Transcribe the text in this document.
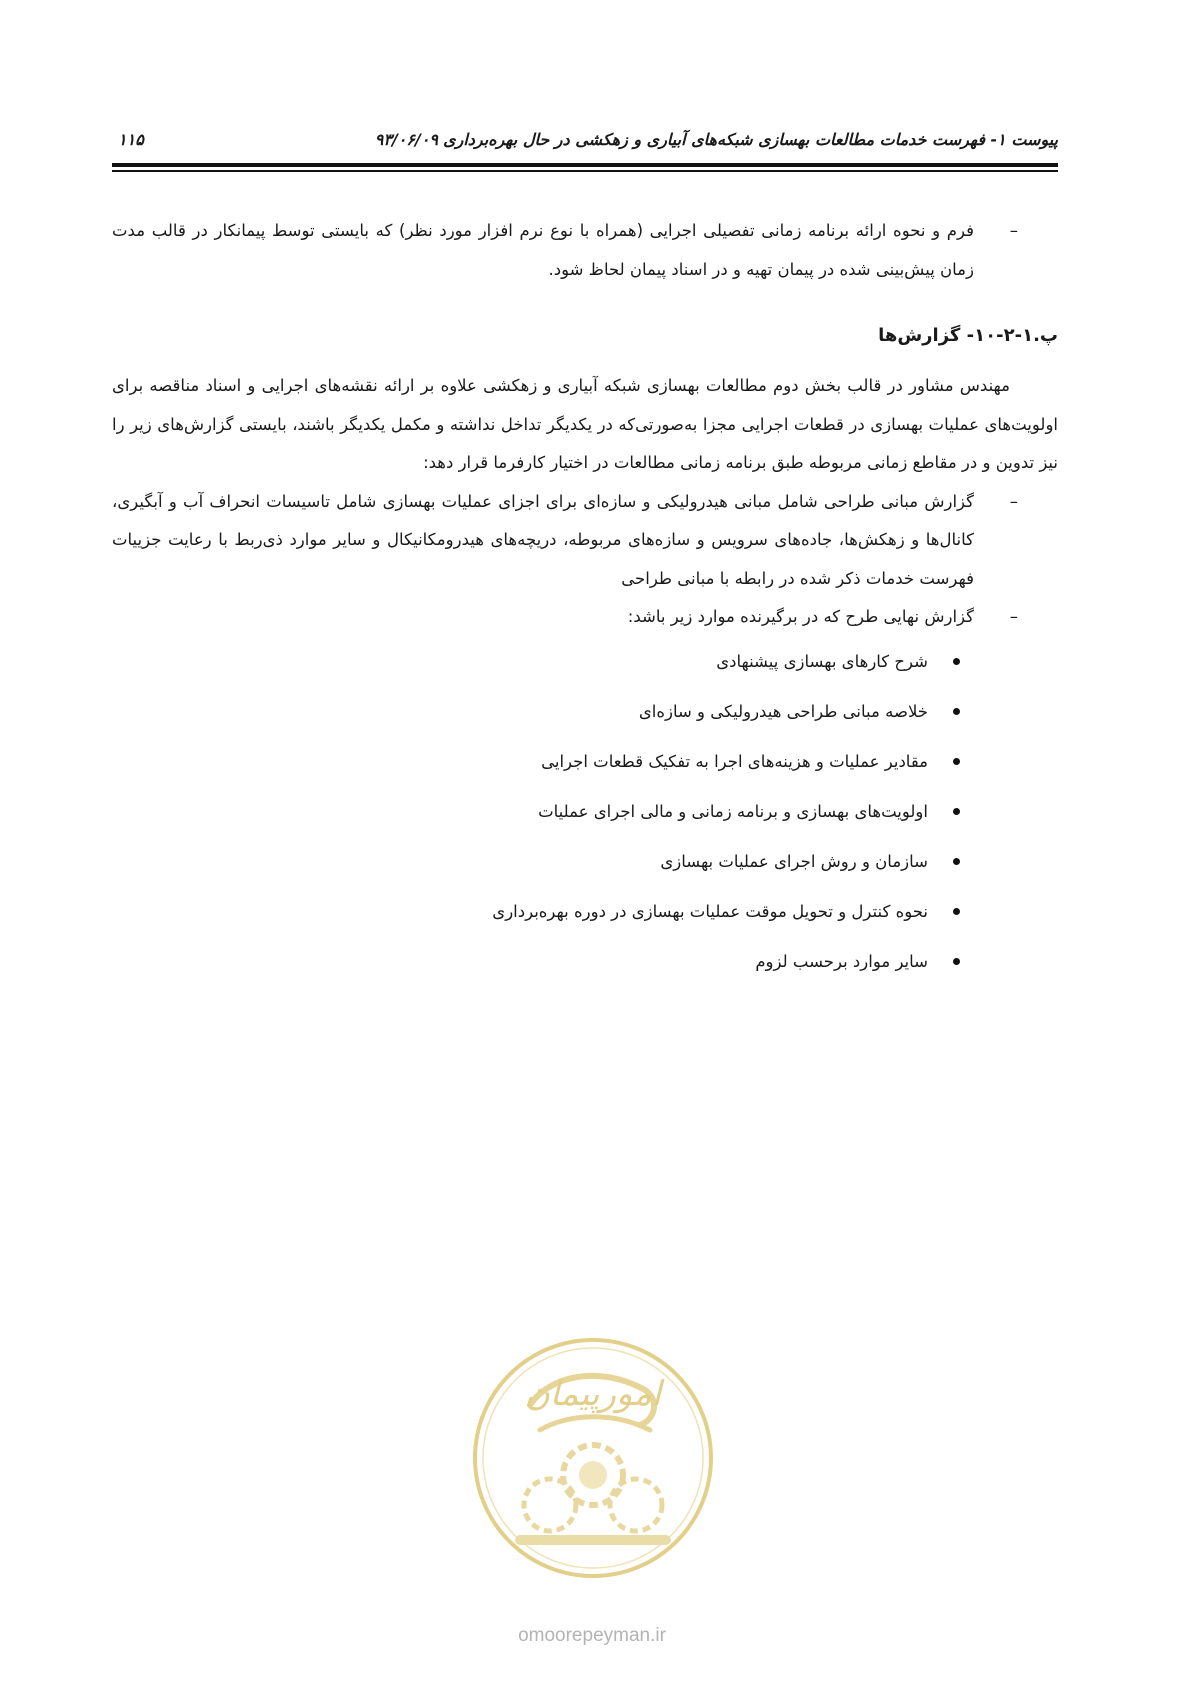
پیوست ۱- فهرست خدمات مطالعات بهسازی شبکه‌های آبیاری و زهکشی در حال بهره‌برداری
۹۳/۰۶/۰۹
۱۱۵
–
فرم و نحوه ارائه برنامه زمانی تفصیلی اجرایی (همراه با نوع نرم افزار مورد نظر) که بایستی توسط پیمانکار در قالب مدت زمان پیش‌بینی شده در پیمان تهیه و در اسناد پیمان لحاظ شود.
پ.۱-۲-۱۰- گزارش‌ها
مهندس مشاور در قالب بخش دوم مطالعات بهسازی شبکه آبیاری و زهکشی علاوه بر ارائه نقشه‌های اجرایی و اسناد مناقصه برای اولویت‌های عملیات بهسازی در قطعات اجرایی مجزا به‌صورتی‌که در یکدیگر تداخل نداشته و مکمل یکدیگر باشند، بایستی گزارش‌های زیر را نیز تدوین و در مقاطع زمانی مربوطه طبق برنامه زمانی مطالعات در اختیار کارفرما قرار دهد:
–
گزارش مبانی طراحی شامل مبانی هیدرولیکی و سازه‌ای برای اجزای عملیات بهسازی شامل تاسیسات انحراف آب و آبگیری، کانال‌ها و زهکش‌ها، جاده‌های سرویس و سازه‌های مربوطه، دریچه‌های هیدرومکانیکال و سایر موارد ذی‌ربط با رعایت جزییات فهرست خدمات ذکر شده در رابطه با مبانی طراحی
–
گزارش نهایی طرح که در برگیرنده موارد زیر باشد:
شرح کارهای بهسازی پیشنهادی
خلاصه مبانی طراحی هیدرولیکی و سازه‌ای
مقادیر عملیات و هزینه‌های اجرا به تفکیک قطعات اجرایی
اولویت‌های بهسازی و برنامه زمانی و مالی اجرای عملیات
سازمان و روش اجرای عملیات بهسازی
نحوه کنترل و تحویل موقت عملیات بهسازی در دوره بهره‌برداری
سایر موارد برحسب لزوم
امورپیمان
omoorepeyman.ir
